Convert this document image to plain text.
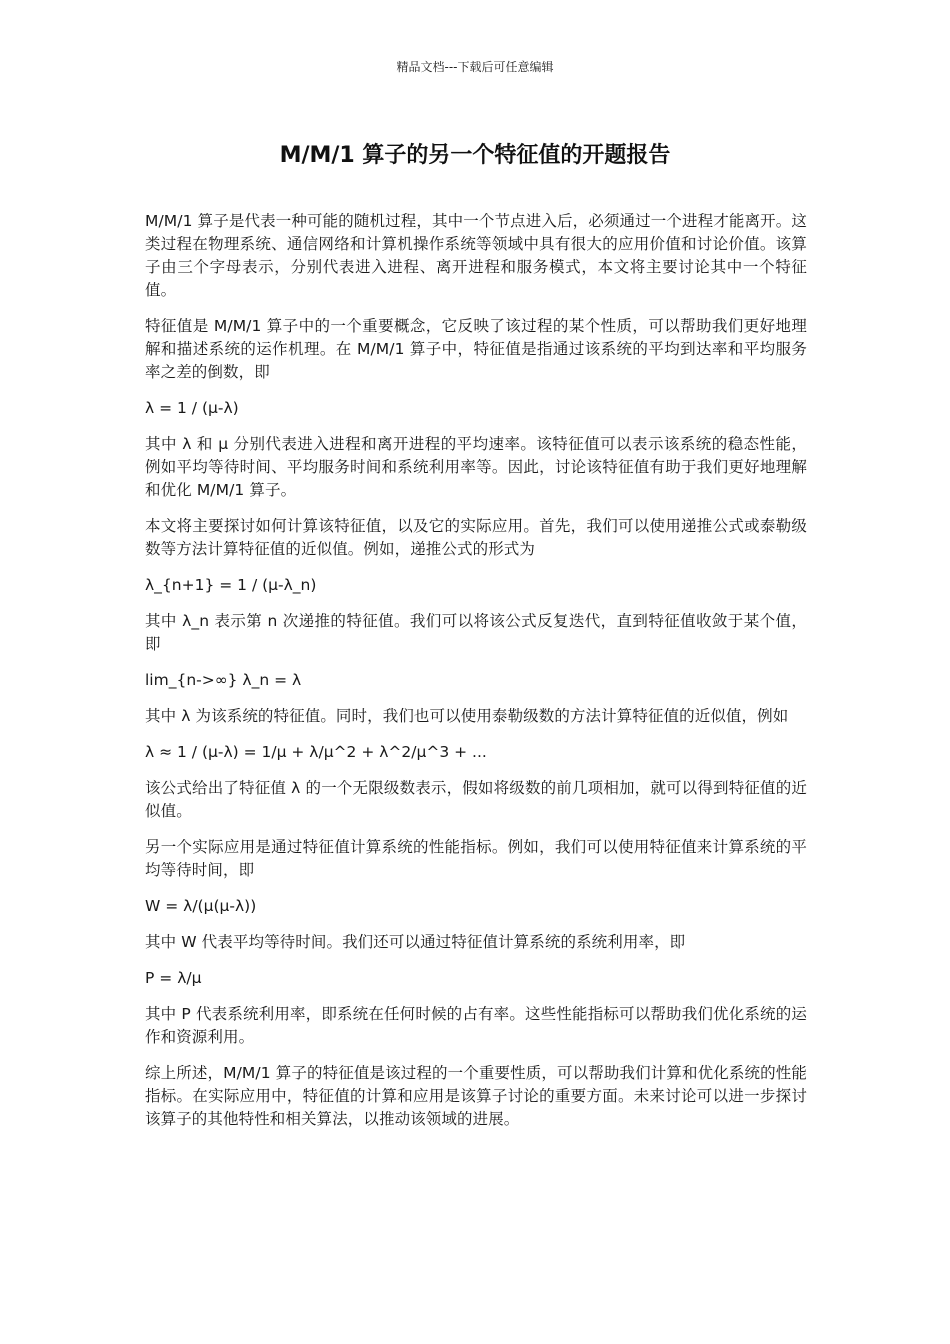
精品文档---下载后可任意编辑
M/M/1 算子的另一个特征值的开题报告

M/M/1 算子是代表一种可能的随机过程，其中一个节点进入后，必须通过一个进程才能离开。这类过程在物理系统、通信网络和计算机操作系统等领域中具有很大的应用价值和讨论价值。该算子由三个字母表示，分别代表进入进程、离开进程和服务模式，本文将主要讨论其中一个特征值。

特征值是 M/M/1 算子中的一个重要概念，它反映了该过程的某个性质，可以帮助我们更好地理解和描述系统的运作机理。在 M/M/1 算子中，特征值是指通过该系统的平均到达率和平均服务率之差的倒数，即

λ = 1 / (μ-λ)

其中 λ 和 μ 分别代表进入进程和离开进程的平均速率。该特征值可以表示该系统的稳态性能，例如平均等待时间、平均服务时间和系统利用率等。因此，讨论该特征值有助于我们更好地理解和优化 M/M/1 算子。

本文将主要探讨如何计算该特征值，以及它的实际应用。首先，我们可以使用递推公式或泰勒级数等方法计算特征值的近似值。例如，递推公式的形式为

λ_{n+1} = 1 / (μ-λ_n)

其中 λ_n 表示第 n 次递推的特征值。我们可以将该公式反复迭代，直到特征值收敛于某个值，即

lim_{n->∞} λ_n = λ

其中 λ 为该系统的特征值。同时，我们也可以使用泰勒级数的方法计算特征值的近似值，例如

λ ≈ 1 / (μ-λ) = 1/μ + λ/μ^2 + λ^2/μ^3 + ...

该公式给出了特征值 λ 的一个无限级数表示，假如将级数的前几项相加，就可以得到特征值的近似值。

另一个实际应用是通过特征值计算系统的性能指标。例如，我们可以使用特征值来计算系统的平均等待时间，即

W = λ/(μ(μ-λ))

其中 W 代表平均等待时间。我们还可以通过特征值计算系统的系统利用率，即

P = λ/μ

其中 P 代表系统利用率，即系统在任何时候的占有率。这些性能指标可以帮助我们优化系统的运作和资源利用。

综上所述，M/M/1 算子的特征值是该过程的一个重要性质，可以帮助我们计算和优化系统的性能指标。在实际应用中，特征值的计算和应用是该算子讨论的重要方面。未来讨论可以进一步探讨该算子的其他特性和相关算法，以推动该领域的进展。
